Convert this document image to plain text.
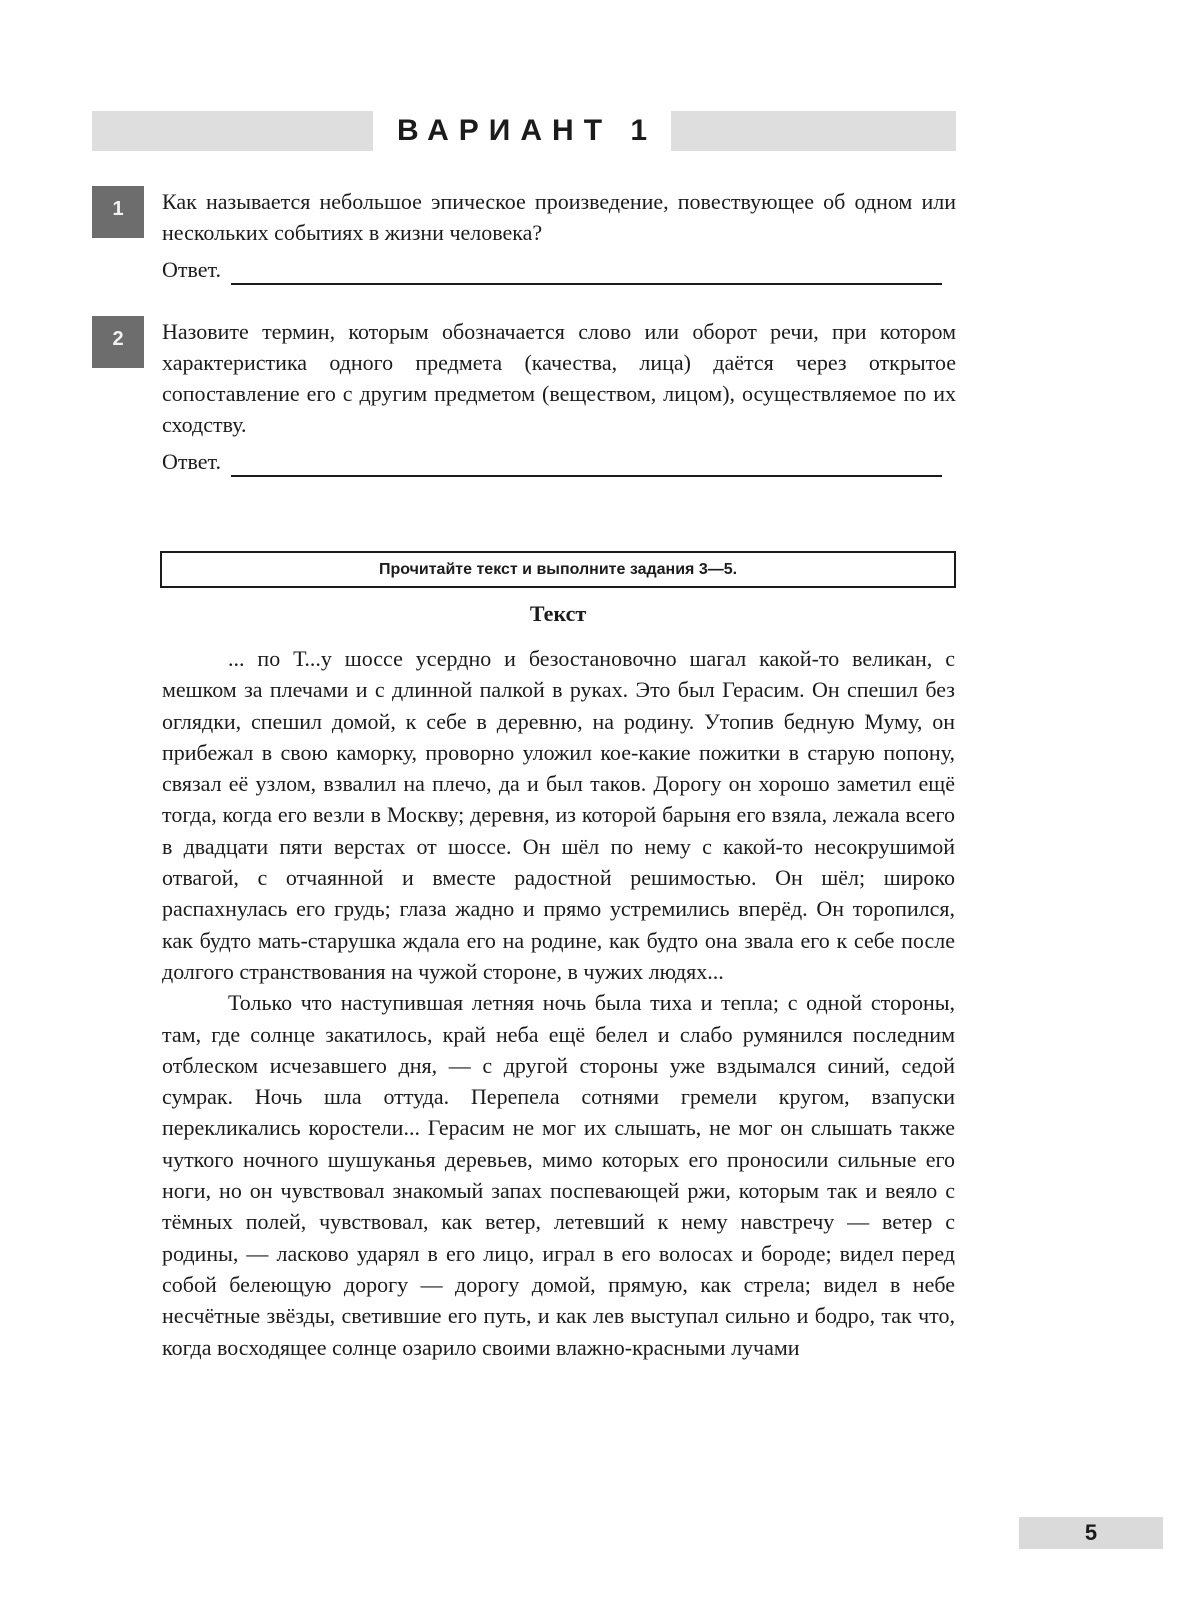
ВАРИАНТ 1
1	Как называется небольшое эпическое произведение, повествующее об одном или нескольких событиях в жизни человека?
Ответ.
2	Назовите термин, которым обозначается слово или оборот речи, при котором характеристика одного предмета (качества, лица) даётся через открытое сопоставление его с другим предметом (веществом, лицом), осуществляемое по их сходству.
Ответ.
Прочитайте текст и выполните задания 3—5.
Текст

... по Т...у шоссе усердно и безостановочно шагал какой-то великан, с мешком за плечами и с длинной палкой в руках. Это был Герасим. Он спешил без оглядки, спешил домой, к себе в деревню, на родину. Утопив бедную Муму, он прибежал в свою каморку, проворно уложил кое-какие пожитки в старую попону, связал её узлом, взвалил на плечо, да и был таков. Дорогу он хорошо заметил ещё тогда, когда его везли в Москву; деревня, из которой барыня его взяла, лежала всего в двадцати пяти верстах от шоссе. Он шёл по нему с какой-то несокрушимой отвагой, с отчаянной и вместе радостной решимостью. Он шёл; широко распахнулась его грудь; глаза жадно и прямо устремились вперёд. Он торопился, как будто мать-старушка ждала его на родине, как будто она звала его к себе после долгого странствования на чужой стороне, в чужих людях...

Только что наступившая летняя ночь была тиха и тепла; с одной стороны, там, где солнце закатилось, край неба ещё белел и слабо румянился последним отблеском исчезавшего дня, — с другой стороны уже вздымался синий, седой сумрак. Ночь шла оттуда. Перепела сотнями гремели кругом, взапуски перекликались коростели... Герасим не мог их слышать, не мог он слышать также чуткого ночного шушуканья деревьев, мимо которых его проносили сильные его ноги, но он чувствовал знакомый запах поспевающей ржи, которым так и веяло с тёмных полей, чувствовал, как ветер, летевший к нему навстречу — ветер с родины, — ласково ударял в его лицо, играл в его волосах и бороде; видел перед собой белеющую дорогу — дорогу домой, прямую, как стрела; видел в небе несчётные звёзды, светившие его путь, и как лев выступал сильно и бодро, так что, когда восходящее солнце озарило своими влажно-красными лучами

5
